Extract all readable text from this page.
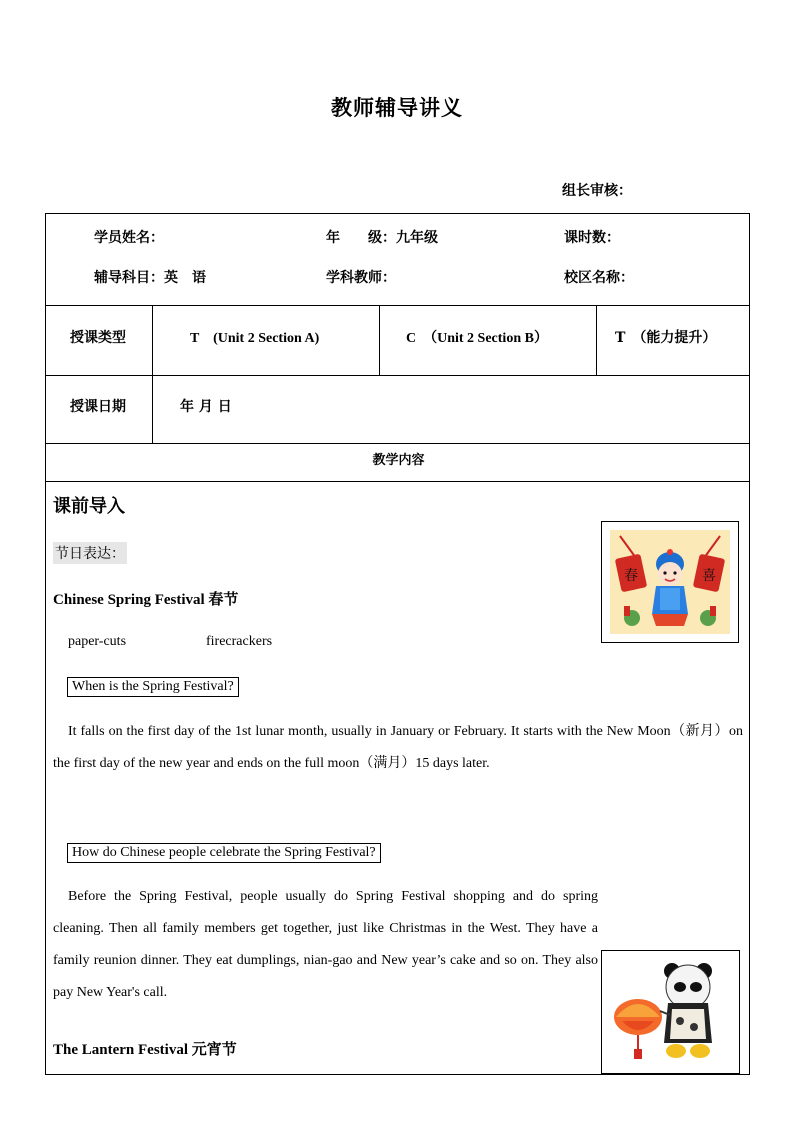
教师辅导讲义
组长审核：
学员姓名：	年　　级：九年级	课时数：
辅导科目：英　语	学科教师：	校区名称：
授课类型	T　(Unit 2 Section A)	C　（Unit 2 Section B）	T　（能力提升）
授课日期	年 月 日
教学内容
课前导入
节日表达：
Chinese Spring Festival 春节
paper-cuts	firecrackers
When is the Spring Festival?
It falls on the first day of the 1st lunar month, usually in January or February. It starts with the New Moon（新月）on the first day of the new year and ends on the full moon（满月）15 days later.
How do Chinese people celebrate the Spring Festival?
Before the Spring Festival, people usually do Spring Festival shopping and do spring cleaning. Then all family members get together, just like Christmas in the West. They have a family reunion dinner. They eat dumplings, nian-gao and New year’s cake and so on. They also pay New Year's call.
The Lantern Festival 元宵节
春	喜
